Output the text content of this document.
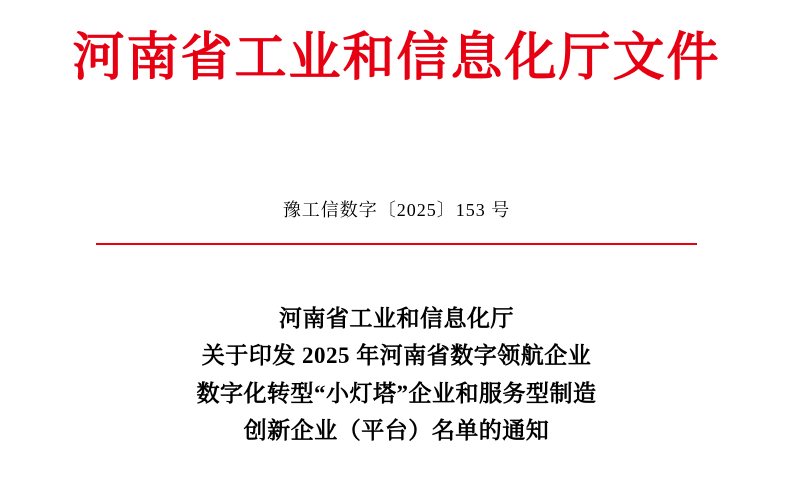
河南省工业和信息化厅文件
豫工信数字〔2025〕153 号
河南省工业和信息化厅
关于印发 2025 年河南省数字领航企业
数字化转型“小灯塔”企业和服务型制造
创新企业（平台）名单的通知
